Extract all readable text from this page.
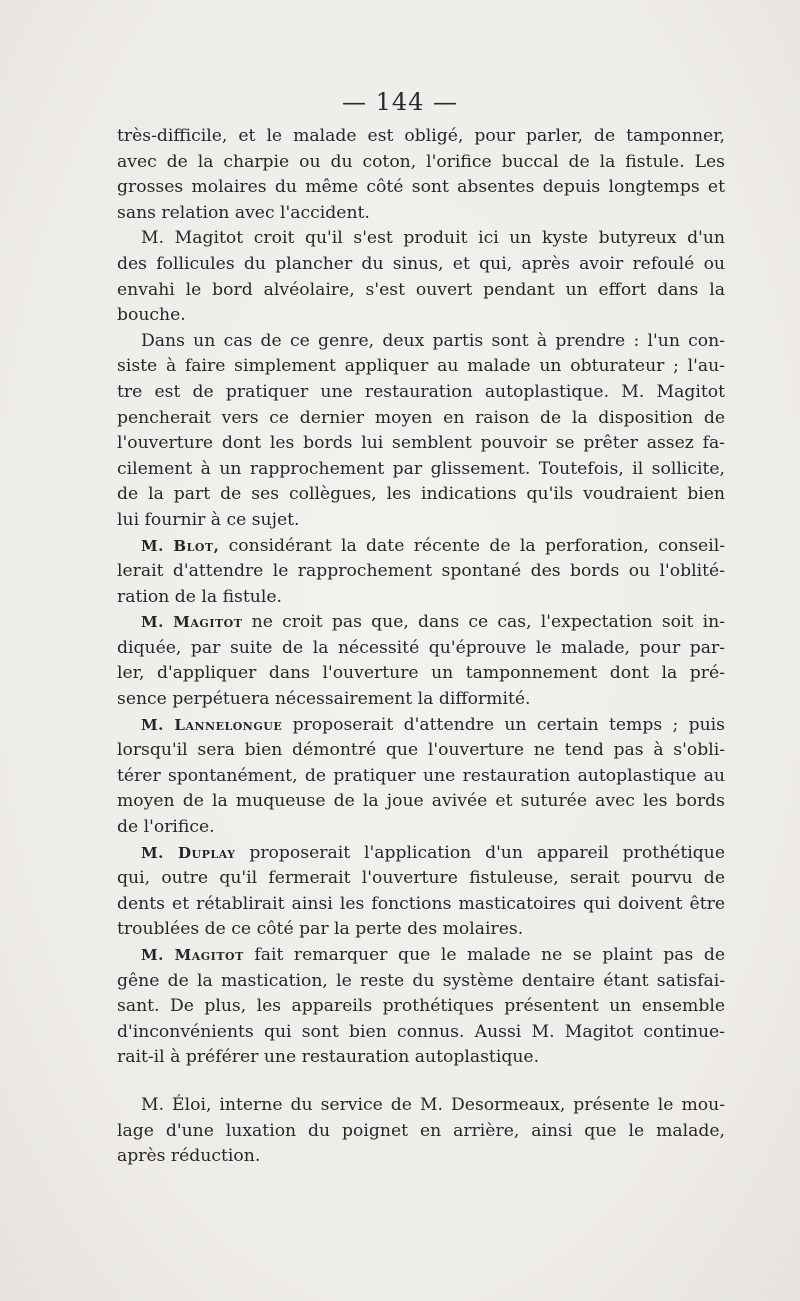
— 144 —
très-difficile, et le malade est obligé, pour parler, de tamponner,
avec de la charpie ou du coton, l'orifice buccal de la fistule. Les
grosses molaires du même côté sont absentes depuis longtemps et
sans relation avec l'accident.
M. Magitot croit qu'il s'est produit ici un kyste butyreux d'un
des follicules du plancher du sinus, et qui, après avoir refoulé ou
envahi le bord alvéolaire, s'est ouvert pendant un effort dans la
bouche.
Dans un cas de ce genre, deux partis sont à prendre : l'un con-
siste à faire simplement appliquer au malade un obturateur ; l'au-
tre est de pratiquer une restauration autoplastique. M. Magitot
pencherait vers ce dernier moyen en raison de la disposition de
l'ouverture dont les bords lui semblent pouvoir se prêter assez fa-
cilement à un rapprochement par glissement. Toutefois, il sollicite,
de la part de ses collègues, les indications qu'ils voudraient bien
lui fournir à ce sujet.
M. Blot, considérant la date récente de la perforation, conseil-
lerait d'attendre le rapprochement spontané des bords ou l'oblité-
ration de la fistule.
M. Magitot ne croit pas que, dans ce cas, l'expectation soit in-
diquée, par suite de la nécessité qu'éprouve le malade, pour par-
ler, d'appliquer dans l'ouverture un tamponnement dont la pré-
sence perpétuera nécessairement la difformité.
M. Lannelongue proposerait d'attendre un certain temps ; puis
lorsqu'il sera bien démontré que l'ouverture ne tend pas à s'obli-
térer spontanément, de pratiquer une restauration autoplastique au
moyen de la muqueuse de la joue avivée et suturée avec les bords
de l'orifice.
M. Duplay proposerait l'application d'un appareil prothétique
qui, outre qu'il fermerait l'ouverture fistuleuse, serait pourvu de
dents et rétablirait ainsi les fonctions masticatoires qui doivent être
troublées de ce côté par la perte des molaires.
M. Magitot fait remarquer que le malade ne se plaint pas de
gêne de la mastication, le reste du système dentaire étant satisfai-
sant. De plus, les appareils prothétiques présentent un ensemble
d'inconvénients qui sont bien connus. Aussi M. Magitot continue-
rait-il à préférer une restauration autoplastique.
M. Éloi, interne du service de M. Desormeaux, présente le mou-
lage d'une luxation du poignet en arrière, ainsi que le malade,
après réduction.
